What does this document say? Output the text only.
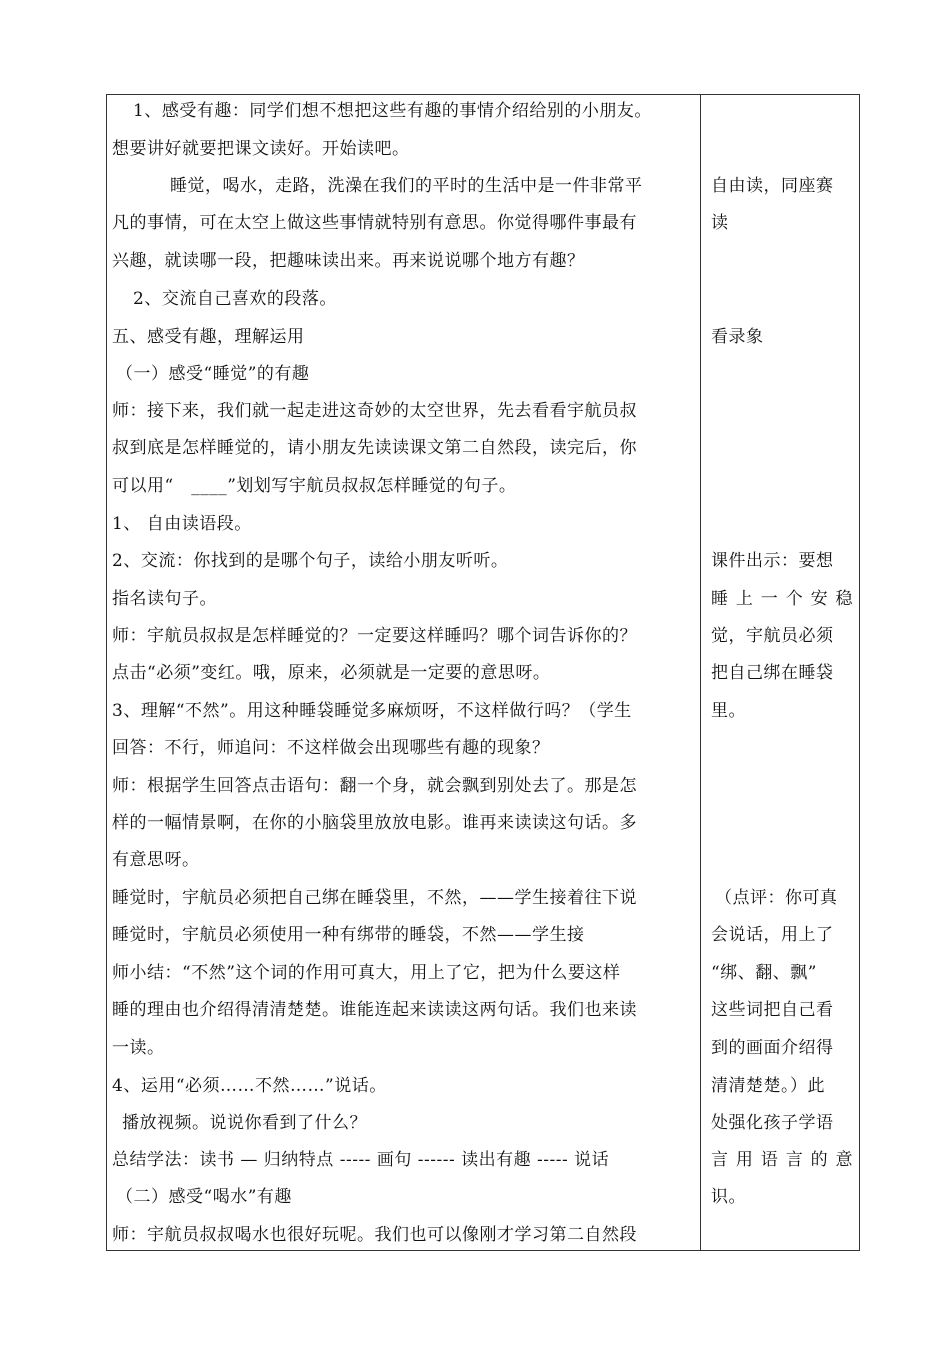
1、感受有趣：同学们想不想把这些有趣的事情介绍给别的小朋友。
想要讲好就要把课文读好。开始读吧。
睡觉，喝水，走路，洗澡在我们的平时的生活中是一件非常平
凡的事情，可在太空上做这些事情就特别有意思。你觉得哪件事最有
兴趣，就读哪一段，把趣味读出来。再来说说哪个地方有趣？
2、交流自己喜欢的段落。
五、感受有趣，理解运用
（一）感受“睡觉”的有趣
师：接下来，我们就一起走进这奇妙的太空世界，先去看看宇航员叔
叔到底是怎样睡觉的，请小朋友先读读课文第二自然段，读完后，你
可以用“　____”划划写宇航员叔叔怎样睡觉的句子。
1、 自由读语段。
2、交流：你找到的是哪个句子，读给小朋友听听。
指名读句子。
师：宇航员叔叔是怎样睡觉的？一定要这样睡吗？哪个词告诉你的？
点击“必须”变红。哦，原来，必须就是一定要的意思呀。
3、理解“不然”。用这种睡袋睡觉多麻烦呀，不这样做行吗？（学生
回答：不行，师追问：不这样做会出现哪些有趣的现象？
师：根据学生回答点击语句：翻一个身，就会飘到别处去了。那是怎
样的一幅情景啊，在你的小脑袋里放放电影。谁再来读读这句话。多
有意思呀。
睡觉时，宇航员必须把自己绑在睡袋里，不然，——学生接着往下说
睡觉时，宇航员必须使用一种有绑带的睡袋，不然——学生接
师小结：“不然”这个词的作用可真大，用上了它，把为什么要这样
睡的理由也介绍得清清楚楚。谁能连起来读读这两句话。我们也来读
一读。
4、运用“必须……不然……”说话。
播放视频。说说你看到了什么？
总结学法：读书 — 归纳特点 ----- 画句 ------ 读出有趣 ----- 说话
（二）感受“喝水”有趣
师：宇航员叔叔喝水也很好玩呢。我们也可以像刚才学习第二自然段
自由读，同座赛
读
看录象
课件出示：要想
睡上一个安稳
觉，宇航员必须
把自己绑在睡袋
里。
（点评：你可真
会说话，用上了
“绑、翻、飘”
这些词把自己看
到的画面介绍得
清清楚楚。）此
处强化孩子学语
言用语言的意
识。
